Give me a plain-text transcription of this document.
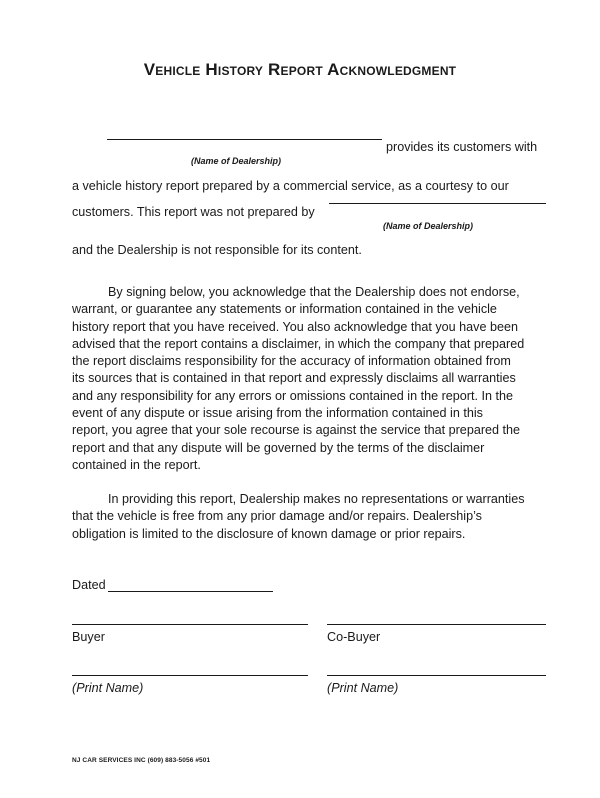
Vehicle History Report Acknowledgment
provides its customers with
(Name of Dealership)
a vehicle history report prepared by a commercial service, as a courtesy to our
customers. This report was not prepared by
(Name of Dealership)
and the Dealership is not responsible for its content.
By signing below, you acknowledge that the Dealership does not endorse,
warrant, or guarantee any statements or information contained in the vehicle
history report that you have received. You also acknowledge that you have been
advised that the report contains a disclaimer, in which the company that prepared
the report disclaims responsibility for the accuracy of information obtained from
its sources that is contained in that report and expressly disclaims all warranties
and any responsibility for any errors or omissions contained in the report. In the
event of any dispute or issue arising from the information contained in this
report, you agree that your sole recourse is against the service that prepared the
report and that any dispute will be governed by the terms of the disclaimer
contained in the report.
In providing this report, Dealership makes no representations or warranties
that the vehicle is free from any prior damage and/or repairs. Dealership’s
obligation is limited to the disclosure of known damage or prior repairs.
Dated
Buyer	Co-Buyer
(Print Name)	(Print Name)
NJ CAR SERVICES INC (609) 883-5056 #501
